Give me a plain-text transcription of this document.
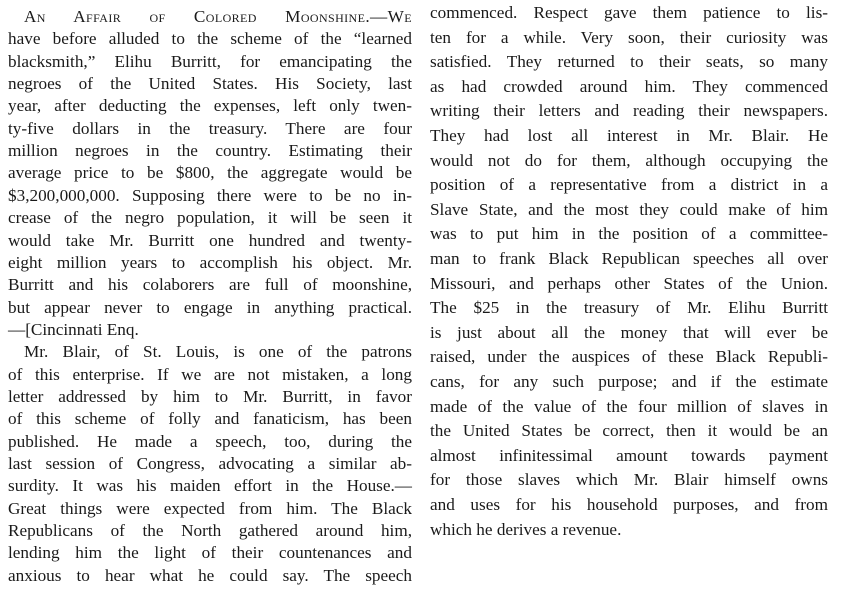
An Affair of Colored Moonshine.—We
have before alluded to the scheme of the “learned
blacksmith,” Elihu Burritt, for emancipating the
negroes of the United States. His Society, last
year, after deducting the expenses, left only twen-
ty-five dollars in the treasury. There are four
million negroes in the country. Estimating their
average price to be $800, the aggregate would be
$3,200,000,000. Supposing there were to be no in-
crease of the negro population, it will be seen it
would take Mr. Burritt one hundred and twenty-
eight million years to accomplish his object. Mr.
Burritt and his colaborers are full of moonshine,
but appear never to engage in anything practical.
—[Cincinnati Enq.
Mr. Blair, of St. Louis, is one of the patrons
of this enterprise. If we are not mistaken, a long
letter addressed by him to Mr. Burritt, in favor
of this scheme of folly and fanaticism, has been
published. He made a speech, too, during the
last session of Congress, advocating a similar ab-
surdity. It was his maiden effort in the House.—
Great things were expected from him. The Black
Republicans of the North gathered around him,
lending him the light of their countenances and
anxious to hear what he could say. The speech
commenced. Respect gave them patience to lis-
ten for a while. Very soon, their curiosity was
satisfied. They returned to their seats, so many
as had crowded around him. They commenced
writing their letters and reading their newspapers.
They had lost all interest in Mr. Blair. He
would not do for them, although occupying the
position of a representative from a district in a
Slave State, and the most they could make of him
was to put him in the position of a committee-
man to frank Black Republican speeches all over
Missouri, and perhaps other States of the Union.
The $25 in the treasury of Mr. Elihu Burritt
is just about all the money that will ever be
raised, under the auspices of these Black Republi-
cans, for any such purpose; and if the estimate
made of the value of the four million of slaves in
the United States be correct, then it would be an
almost infinitessimal amount towards payment
for those slaves which Mr. Blair himself owns
and uses for his household purposes, and from
which he derives a revenue.
